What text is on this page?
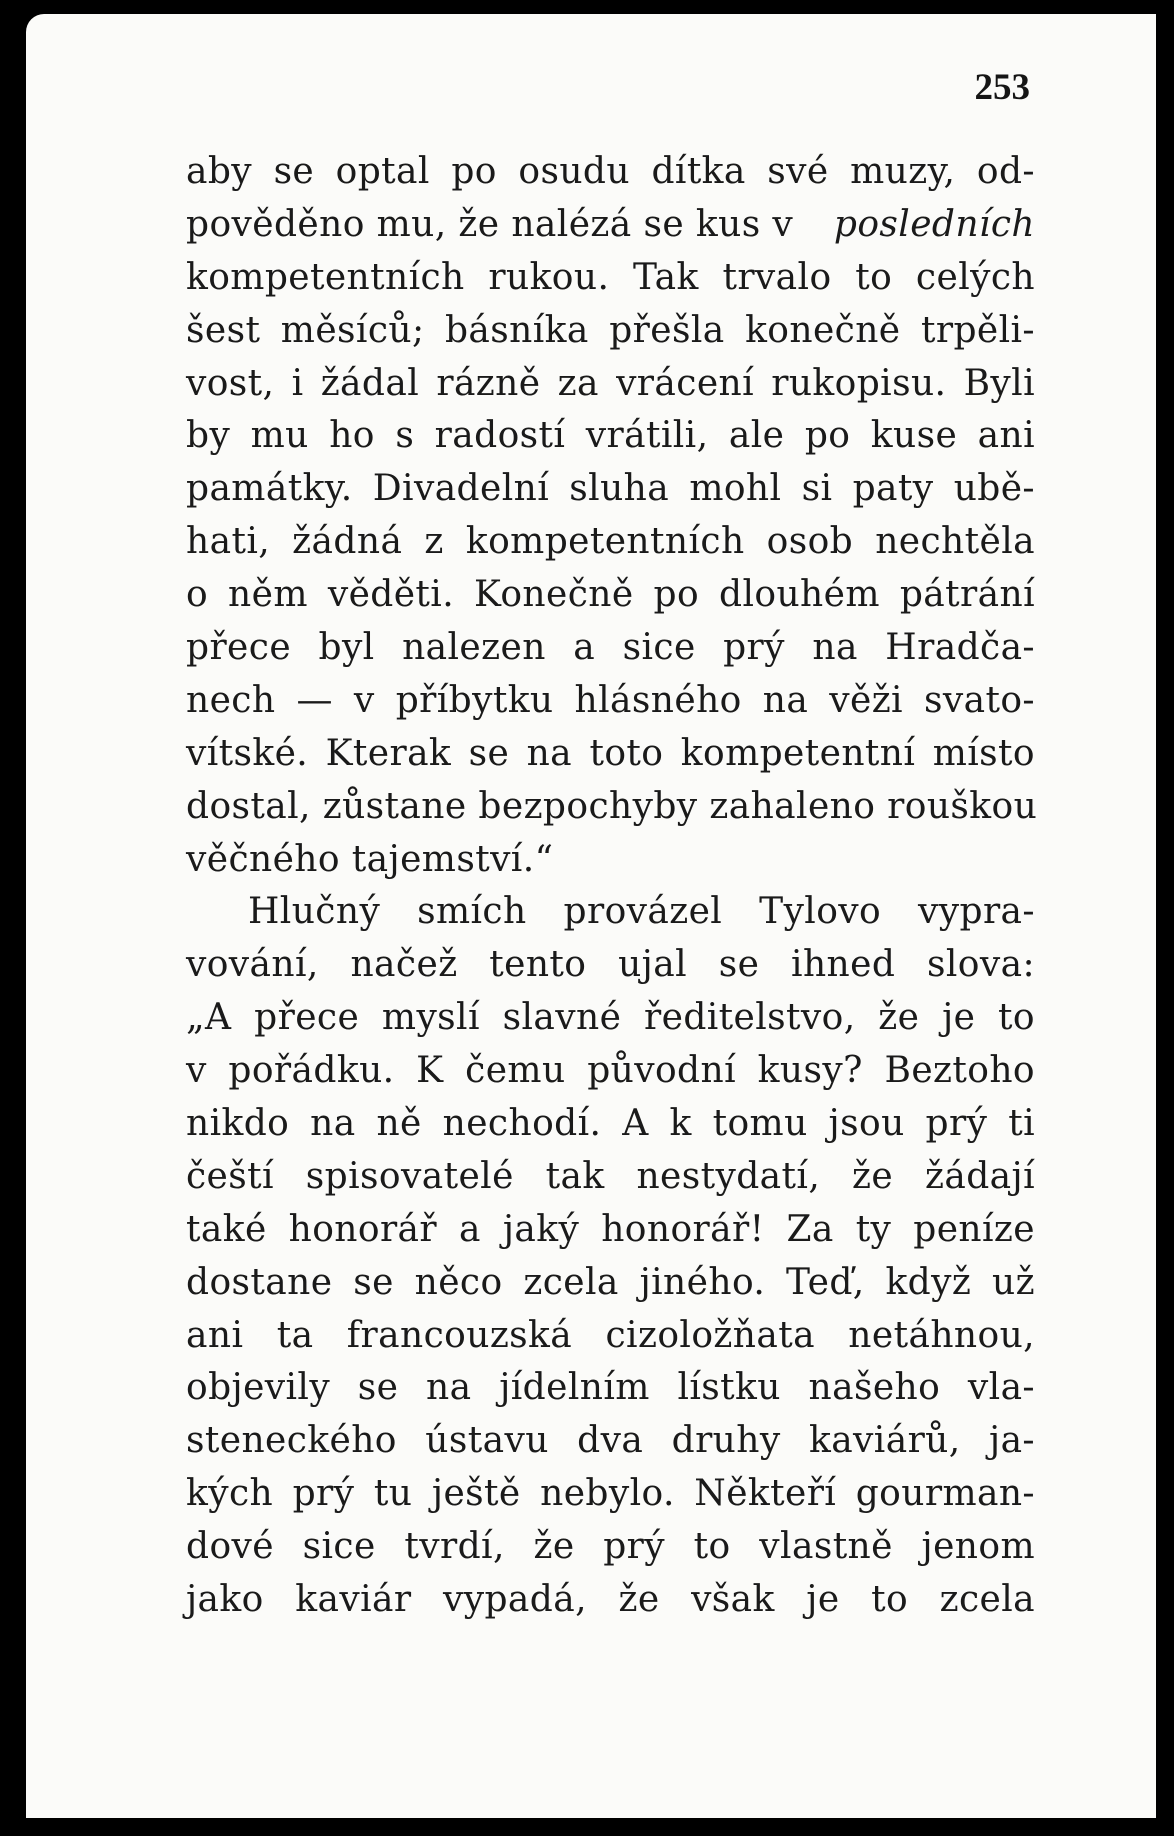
253

aby se optal po osudu dítka své muzy, od-
pověděno mu, že nalézá se kus v posledních
kompetentních rukou. Tak trvalo to celých
šest měsíců; básníka přešla konečně trpěli-
vost, i žádal rázně za vrácení rukopisu. Byli
by mu ho s radostí vrátili, ale po kuse ani
památky. Divadelní sluha mohl si paty ubě-
hati, žádná z kompetentních osob nechtěla
o něm věděti. Konečně po dlouhém pátrání
přece byl nalezen a sice prý na Hradča-
nech — v příbytku hlásného na věži svato-
vítské. Kterak se na toto kompetentní místo
dostal, zůstane bezpochyby zahaleno rouškou
věčného tajemství.“
Hlučný smích provázel Tylovo vypra-
vování, načež tento ujal se ihned slova:
„A přece myslí slavné ředitelstvo, že je to
v pořádku. K čemu původní kusy? Beztoho
nikdo na ně nechodí. A k tomu jsou prý ti
čeští spisovatelé tak nestydatí, že žádají
také honorář a jaký honorář! Za ty peníze
dostane se něco zcela jiného. Teď, když už
ani ta francouzská cizoložňata netáhnou,
objevily se na jídelním lístku našeho vla-
steneckého ústavu dva druhy kaviárů, ja-
kých prý tu ještě nebylo. Někteří gourman-
dové sice tvrdí, že prý to vlastně jenom
jako kaviár vypadá, že však je to zcela
